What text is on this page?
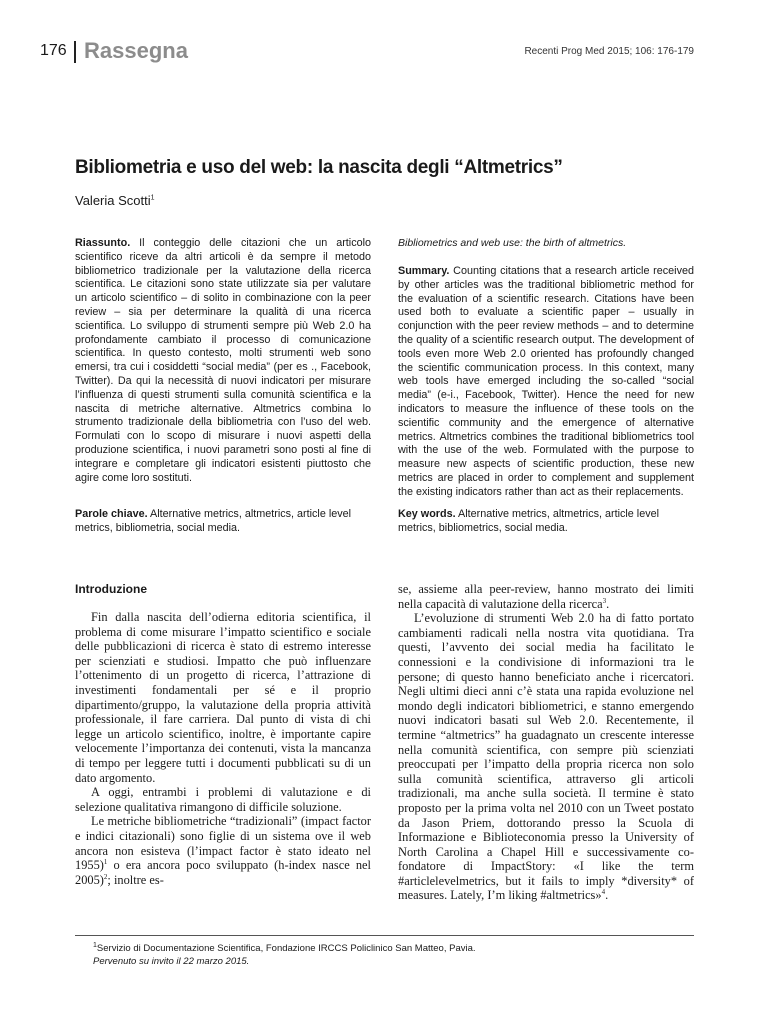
176 Rassegna	Recenti Prog Med 2015; 106: 176-179
Bibliometria e uso del web: la nascita degli “Altmetrics”
Valeria Scotti$^1$
Riassunto. Il conteggio delle citazioni che un articolo scientifico riceve da altri articoli è da sempre il metodo bibliometrico tradizionale per la valutazione della ricerca scientifica. Le citazioni sono state utilizzate sia per valutare un articolo scientifico – di solito in combinazione con la peer review – sia per determinare la qualità di una ricerca scientifica. Lo sviluppo di strumenti sempre più Web 2.0 ha profondamente cambiato il processo di comunicazione scientifica. In questo contesto, molti strumenti web sono emersi, tra cui i cosiddetti “social media” (per es ., Facebook, Twitter). Da qui la necessità di nuovi indicatori per misurare l’influenza di questi strumenti sulla comunità scientifica e la nascita di metriche alternative. Altmetrics combina lo strumento tradizionale della bibliometria con l’uso del web. Formulati con lo scopo di misurare i nuovi aspetti della produzione scientifica, i nuovi parametri sono posti al fine di integrare e completare gli indicatori esistenti piuttosto che agire come loro sostituti.
Bibliometrics and web use: the birth of altmetrics.
Summary. Counting citations that a research article received by other articles was the traditional bibliometric method for the evaluation of a scientific research. Citations have been used both to evaluate a scientific paper – usually in conjunction with the peer review methods – and to determine the quality of a scientific research output. The development of tools even more Web 2.0 oriented has profoundly changed the scientific communication process. In this context, many web tools have emerged including the so-called “social media” (e-i., Facebook, Twitter). Hence the need for new indicators to measure the influence of these tools on the scientific community and the emergence of alternative metrics. Altmetrics combines the traditional bibliometrics tool with the use of the web. Formulated with the purpose to measure new aspects of scientific production, these new metrics are placed in order to complement and supplement the existing indicators rather than act as their replacements.
Parole chiave. Alternative metrics, altmetrics, article level metrics, bibliometria, social media.
Key words. Alternative metrics, altmetrics, article level metrics, bibliometrics, social media.
Introduzione

Fin dalla nascita dell’odierna editoria scientifica, il problema di come misurare l’impatto scientifico e sociale delle pubblicazioni di ricerca è stato di estremo interesse per scienziati e studiosi. Impatto che può influenzare l’ottenimento di un progetto di ricerca, l’attrazione di investimenti fondamentali per sé e il proprio dipartimento/gruppo, la valutazione della propria attività professionale, il fare carriera. Dal punto di vista di chi legge un articolo scientifico, inoltre, è importante capire velocemente l’importanza dei contenuti, vista la mancanza di tempo per leggere tutti i documenti pubblicati su di un dato argomento.

A oggi, entrambi i problemi di valutazione e di selezione qualitativa rimangono di difficile soluzione.

Le metriche bibliometriche “tradizionali” (impact factor e indici citazionali) sono figlie di un sistema ove il web ancora non esisteva (l’impact factor è stato ideato nel 1955)$^1$ o era ancora poco sviluppato (h-index nasce nel 2005)$^2$; inoltre es-

se, assieme alla peer-review, hanno mostrato dei limiti nella capacità di valutazione della ricerca$^3$.

L’evoluzione di strumenti Web 2.0 ha di fatto portato cambiamenti radicali nella nostra vita quotidiana. Tra questi, l’avvento dei social media ha facilitato le connessioni e la condivisione di informazioni tra le persone; di questo hanno beneficiato anche i ricercatori. Negli ultimi dieci anni c’è stata una rapida evoluzione nel mondo degli indicatori bibliometrici, e stanno emergendo nuovi indicatori basati sul Web 2.0. Recentemente, il termine “altmetrics” ha guadagnato un crescente interesse nella comunità scientifica, con sempre più scienziati preoccupati per l’impatto della propria ricerca non solo sulla comunità scientifica, attraverso gli articoli tradizionali, ma anche sulla società. Il termine è stato proposto per la prima volta nel 2010 con un Tweet postato da Jason Priem, dottorando presso la Scuola di Informazione e Biblioteconomia presso la University of North Carolina a Chapel Hill e successivamente co-fondatore di ImpactStory: «I like the term #articlelevelmetrics, but it fails to imply *diversity* of measures. Lately, I’m liking #altmetrics»$^4$.

$^1$Servizio di Documentazione Scientifica, Fondazione IRCCS Policlinico San Matteo, Pavia.
Pervenuto su invito il 22 marzo 2015.
